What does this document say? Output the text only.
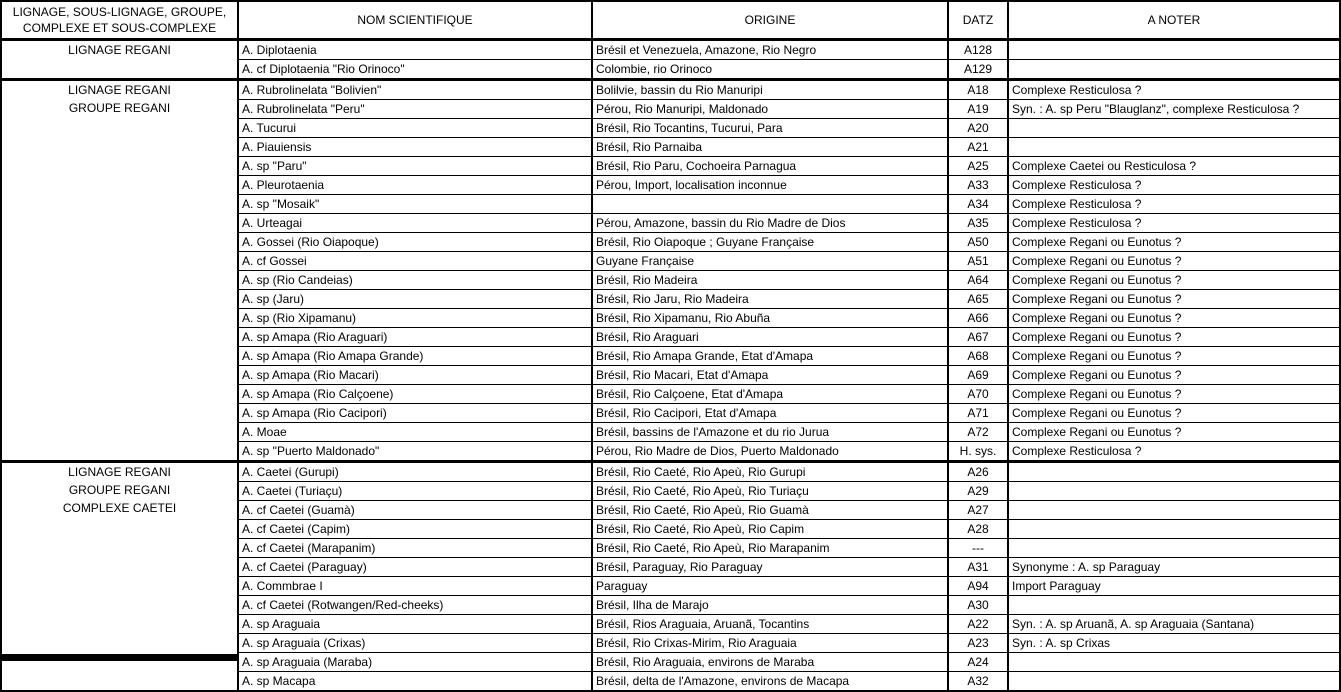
LIGNAGE, SOUS-LIGNAGE, GROUPE,
COMPLEXE ET SOUS-COMPLEXE	NOM SCIENTIFIQUE	ORIGINE	DATZ	A NOTER

LIGNAGE REGANI	A. Diplotaenia	Brésil et Venezuela, Amazone, Rio Negro	A128	
	A. cf Diplotaenia "Rio Orinoco"	Colombie, rio Orinoco	A129	

LIGNAGE REGANI
GROUPE REGANI	A. Rubrolinelata "Bolivien"	Bolilvie, bassin du Rio Manuripi	A18	Complexe Resticulosa ?
	A. Rubrolinelata "Peru"	Pérou, Rio Manuripi, Maldonado	A19	Syn. : A. sp Peru "Blauglanz", complexe Resticulosa ?
	A. Tucurui	Brésil, Rio Tocantins, Tucurui, Para	A20	
	A. Piauiensis	Brésil, Rio Parnaiba	A21	
	A. sp "Paru"	Brésil, Rio Paru, Cochoeira Parnagua	A25	Complexe Caetei ou Resticulosa ?
	A. Pleurotaenia	Pérou, Import, localisation inconnue	A33	Complexe Resticulosa ?
	A. sp "Mosaik"		A34	Complexe Resticulosa ?
	A. Urteagai	Pérou, Amazone, bassin du Rio Madre de Dios	A35	Complexe Resticulosa ?
	A. Gossei (Rio Oiapoque)	Brésil, Rio Oiapoque ; Guyane Française	A50	Complexe Regani ou Eunotus ?
	A. cf Gossei	Guyane Française	A51	Complexe Regani ou Eunotus ?
	A. sp (Rio Candeias)	Brésil, Rio Madeira	A64	Complexe Regani ou Eunotus ?
	A. sp (Jaru)	Brésil, Rio Jaru, Rio Madeira	A65	Complexe Regani ou Eunotus ?
	A. sp (Rio Xipamanu)	Brésil, Rio Xipamanu, Rio Abuña	A66	Complexe Regani ou Eunotus ?
	A. sp Amapa (Rio Araguari)	Brésil, Rio Araguari	A67	Complexe Regani ou Eunotus ?
	A. sp Amapa (Rio Amapa Grande)	Brésil, Rio Amapa Grande, Etat d'Amapa	A68	Complexe Regani ou Eunotus ?
	A. sp Amapa (Rio Macari)	Brésil, Rio Macari, Etat d'Amapa	A69	Complexe Regani ou Eunotus ?
	A. sp Amapa (Rio Calçoene)	Brésil, Rio Calçoene, Etat d'Amapa	A70	Complexe Regani ou Eunotus ?
	A. sp Amapa (Rio Cacipori)	Brésil, Rio Cacipori, Etat d'Amapa	A71	Complexe Regani ou Eunotus ?
	A. Moae	Brésil, bassins de l'Amazone et du rio Jurua	A72	Complexe Regani ou Eunotus ?
	A. sp "Puerto Maldonado"	Pérou, Rio Madre de Dios, Puerto Maldonado	H. sys.	Complexe Resticulosa ?

LIGNAGE REGANI
GROUPE REGANI
COMPLEXE CAETEI	A. Caetei (Gurupi)	Brésil, Rio Caeté, Rio Apeù, Rio Gurupi	A26	
	A. Caetei (Turiaçu)	Brésil, Rio Caeté, Rio Apeù, Rio Turiaçu	A29	
	A. cf Caetei (Guamà)	Brésil, Rio Caeté, Rio Apeù, Rio Guamà	A27	
	A. cf Caetei (Capim)	Brésil, Rio Caeté, Rio Apeù, Rio Capim	A28	
	A. cf Caetei (Marapanim)	Brésil, Rio Caeté, Rio Apeù, Rio Marapanim	---	
	A. cf Caetei (Paraguay)	Brésil, Paraguay, Rio Paraguay	A31	Synonyme : A. sp Paraguay
	A. Commbrae I	Paraguay	A94	Import Paraguay
	A. cf Caetei (Rotwangen/Red-cheeks)	Brésil, Ilha de Marajo	A30	
	A. sp Araguaia	Brésil, Rios Araguaia, Aruanã, Tocantins	A22	Syn. : A. sp Aruanã, A. sp Araguaia (Santana)
	A. sp Araguaia (Crixas)	Brésil, Rio Crixas-Mirim, Rio Araguaia	A23	Syn. : A. sp Crixas
	A. sp Araguaia (Maraba)	Brésil, Rio Araguaia, environs de Maraba	A24	
	A. sp Macapa	Brésil, delta de l'Amazone, environs de Macapa	A32	
